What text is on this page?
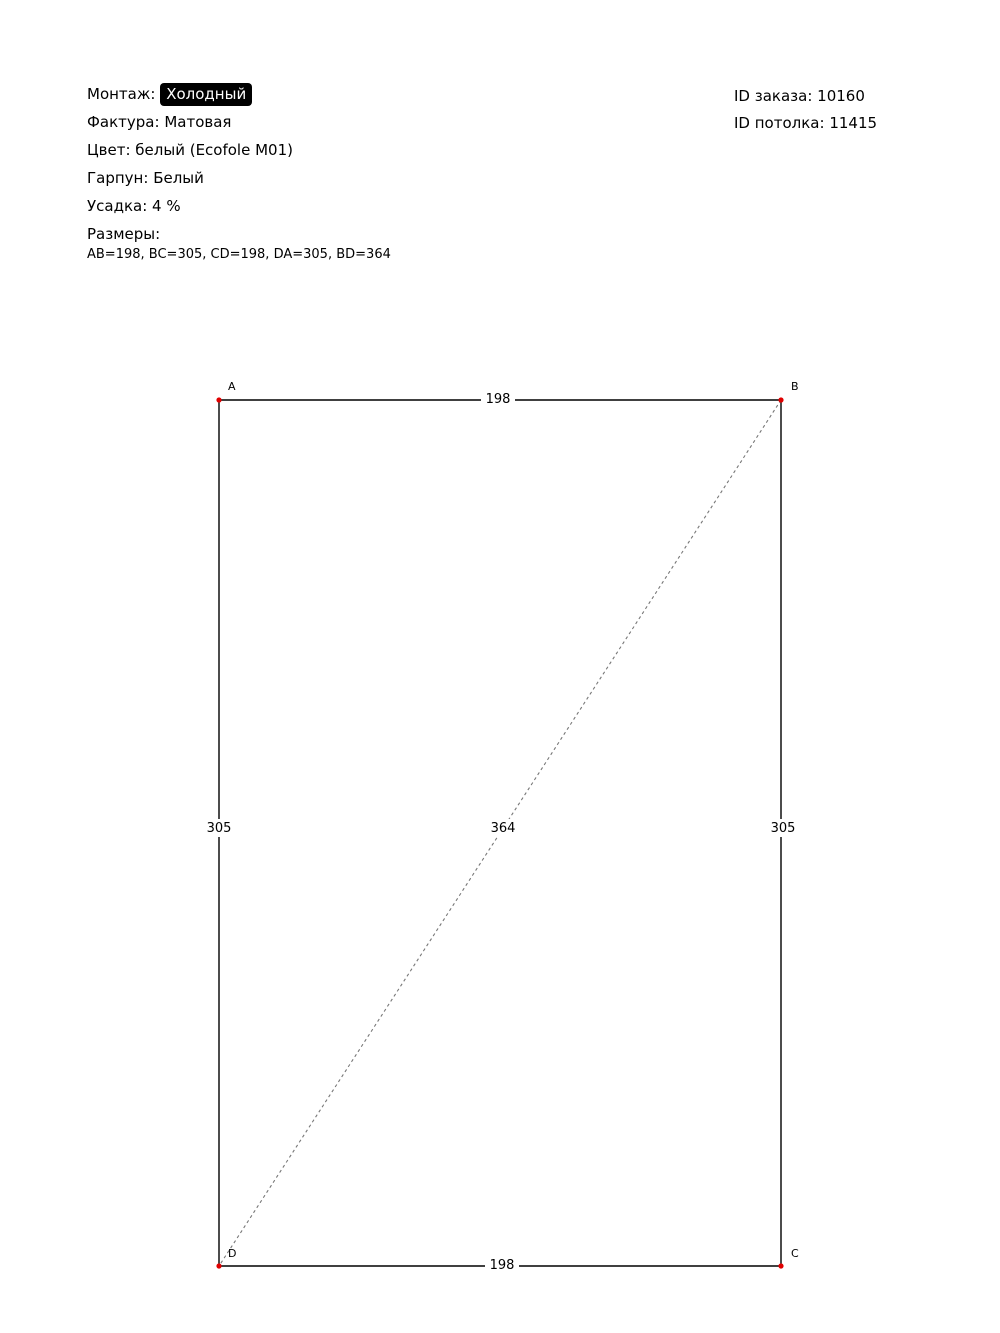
Монтаж: Холодный
Фактура: Матовая
Цвет: белый (Ecofole M01)
Гарпун: Белый
Усадка: 4 %
Размеры:
AB=198, BC=305, CD=198, DA=305, BD=364
ID заказа: 10160
ID потолка: 11415
198
305	305
198
364
A	B
C
D
